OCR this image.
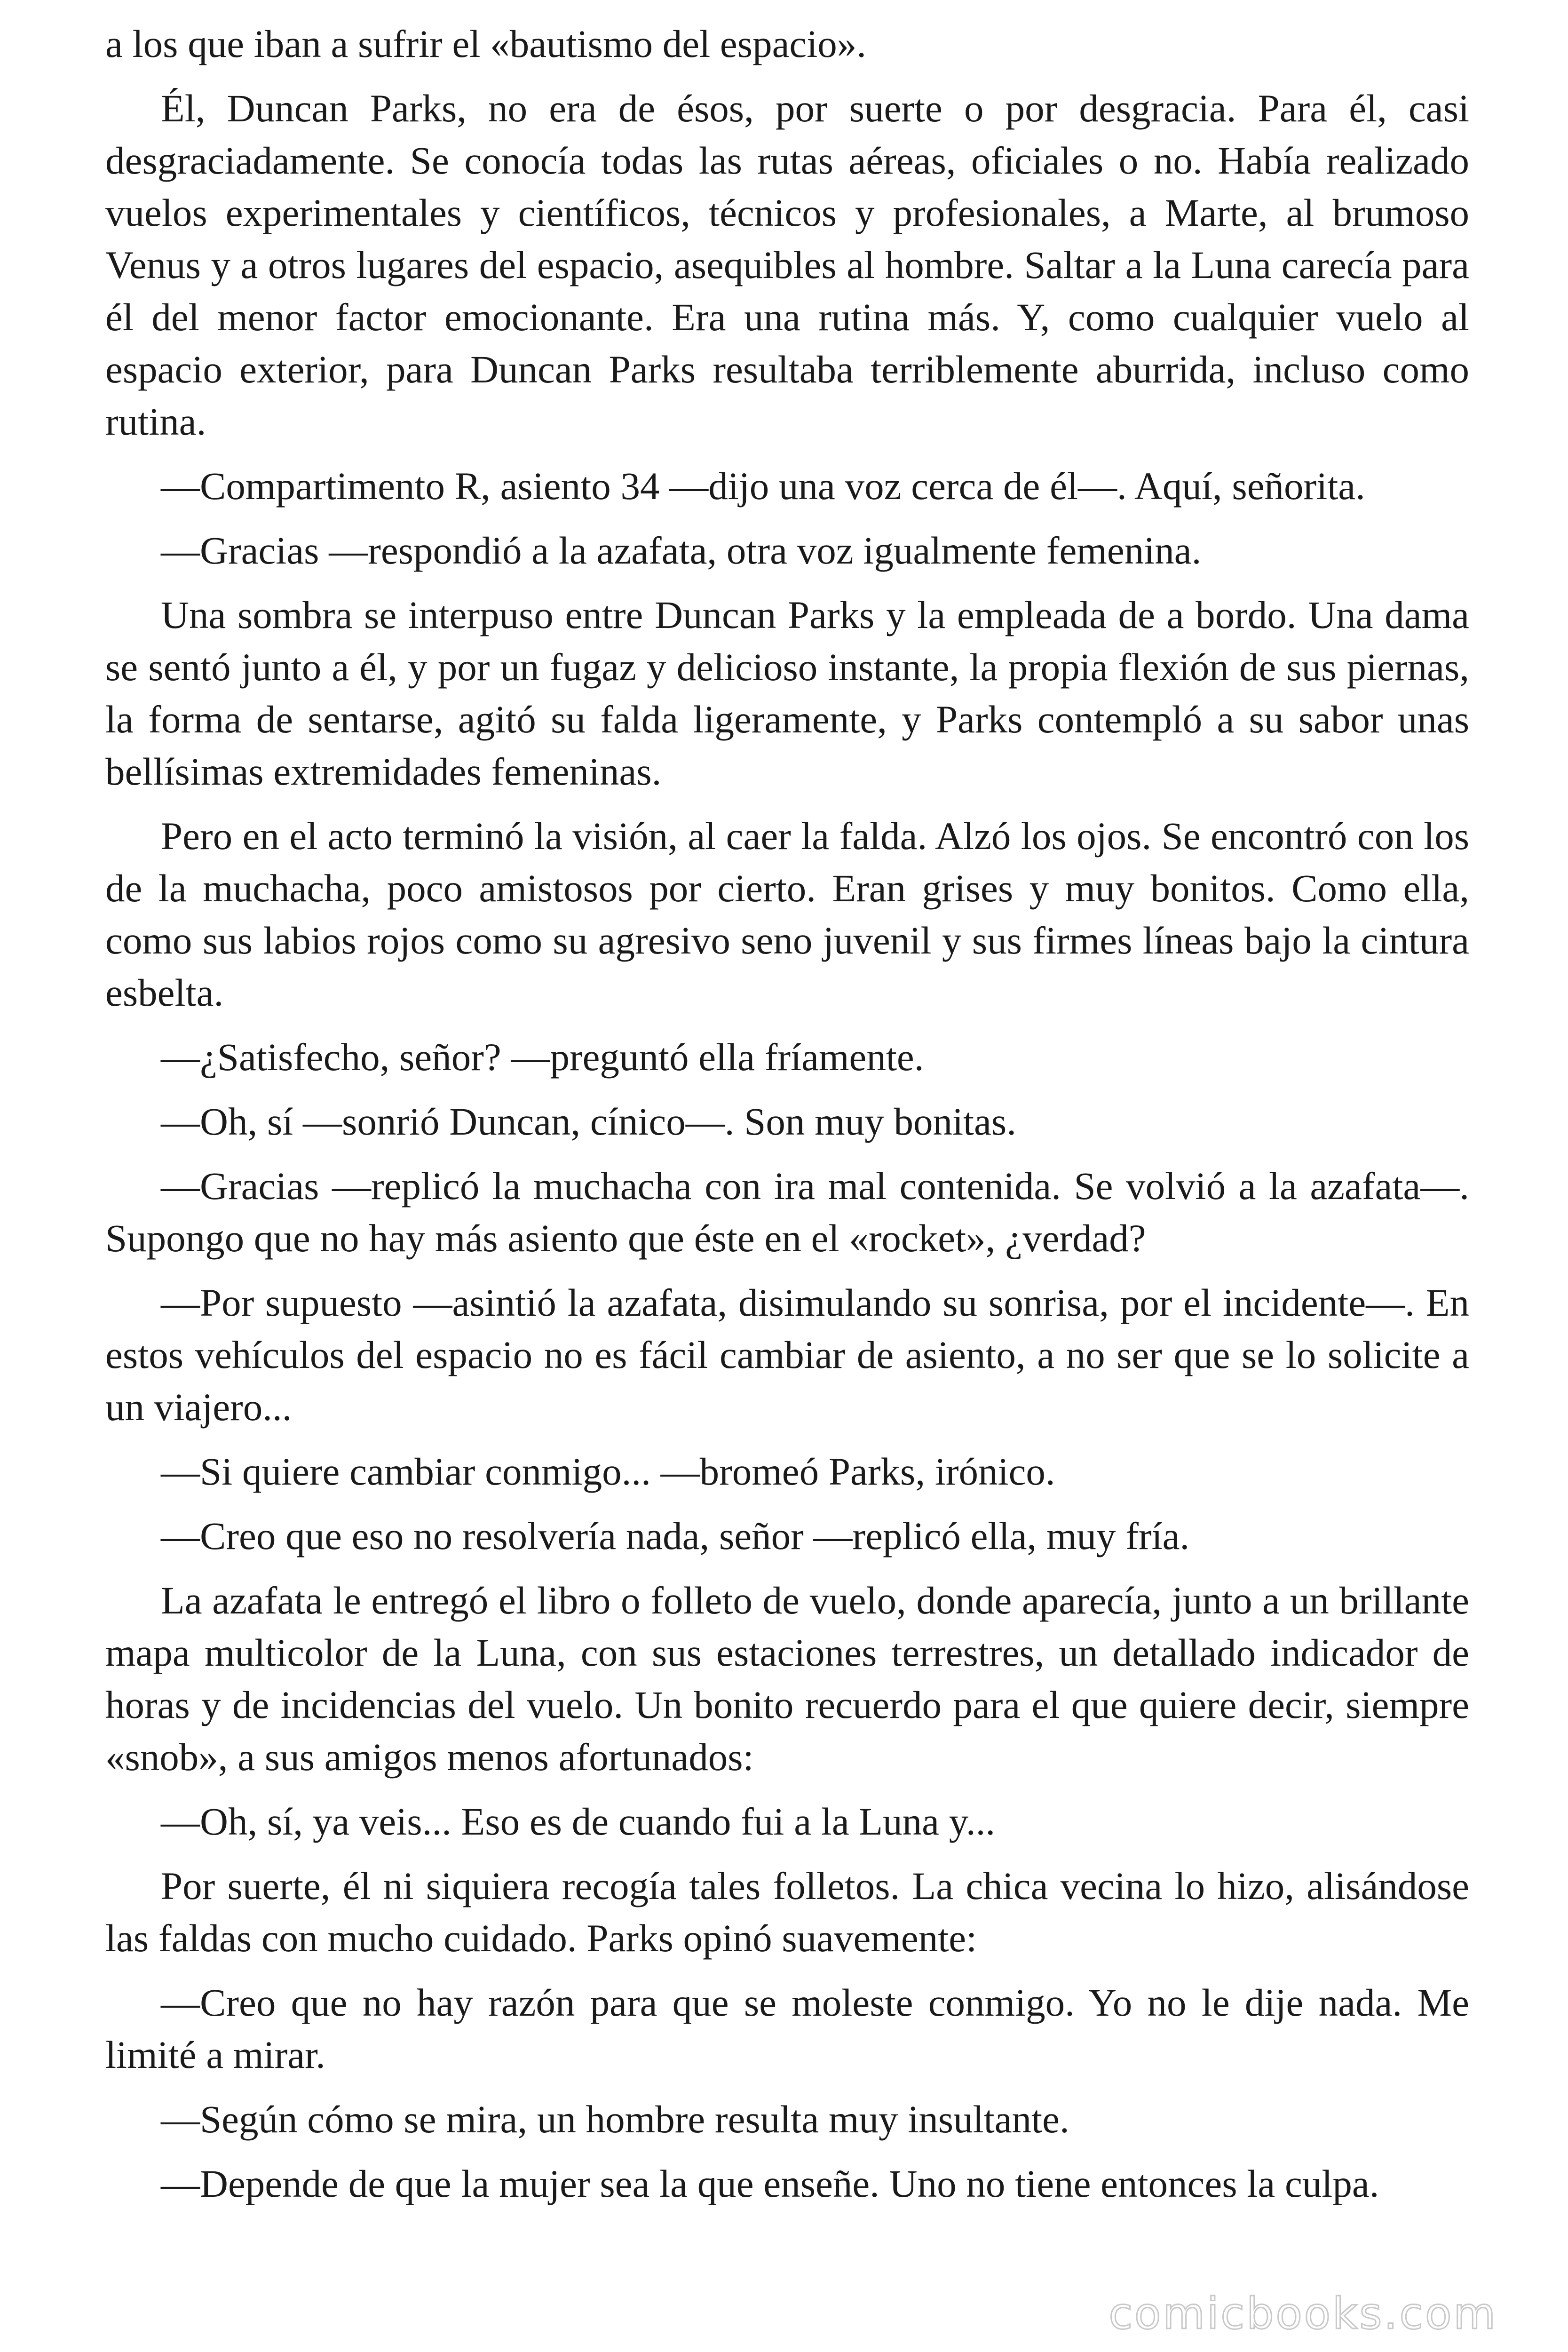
a los que iban a sufrir el «bautismo del espacio».

Él, Duncan Parks, no era de ésos, por suerte o por desgracia. Para él, casi desgraciadamente. Se conocía todas las rutas aéreas, oficiales o no. Había realizado vuelos experimentales y científicos, técnicos y profesionales, a Marte, al brumoso Venus y a otros lugares del espacio, asequibles al hombre. Saltar a la Luna carecía para él del menor factor emocionante. Era una rutina más. Y, como cualquier vuelo al espacio exterior, para Duncan Parks resultaba terriblemente aburrida, incluso como rutina.

—Compartimento R, asiento 34 —dijo una voz cerca de él—. Aquí, señorita.

—Gracias —respondió a la azafata, otra voz igualmente femenina.

Una sombra se interpuso entre Duncan Parks y la empleada de a bordo. Una dama se sentó junto a él, y por un fugaz y delicioso instante, la propia flexión de sus piernas, la forma de sentarse, agitó su falda ligeramente, y Parks contempló a su sabor unas bellísimas extremidades femeninas.

Pero en el acto terminó la visión, al caer la falda. Alzó los ojos. Se encontró con los de la muchacha, poco amistosos por cierto. Eran grises y muy bonitos. Como ella, como sus labios rojos como su agresivo seno juvenil y sus firmes líneas bajo la cintura esbelta.

—¿Satisfecho, señor? —preguntó ella fríamente.

—Oh, sí —sonrió Duncan, cínico—. Son muy bonitas.

—Gracias —replicó la muchacha con ira mal contenida. Se volvió a la azafata—. Supongo que no hay más asiento que éste en el «rocket», ¿verdad?

—Por supuesto —asintió la azafata, disimulando su sonrisa, por el incidente—. En estos vehículos del espacio no es fácil cambiar de asiento, a no ser que se lo solicite a un viajero...

—Si quiere cambiar conmigo... —bromeó Parks, irónico.

—Creo que eso no resolvería nada, señor —replicó ella, muy fría.

La azafata le entregó el libro o folleto de vuelo, donde aparecía, junto a un brillante mapa multicolor de la Luna, con sus estaciones terrestres, un detallado indicador de horas y de incidencias del vuelo. Un bonito recuerdo para el que quiere decir, siempre «snob», a sus amigos menos afortunados:

—Oh, sí, ya veis... Eso es de cuando fui a la Luna y...

Por suerte, él ni siquiera recogía tales folletos. La chica vecina lo hizo, alisándose las faldas con mucho cuidado. Parks opinó suavemente:

—Creo que no hay razón para que se moleste conmigo. Yo no le dije nada. Me limité a mirar.

—Según cómo se mira, un hombre resulta muy insultante.

—Depende de que la mujer sea la que enseñe. Uno no tiene entonces la culpa.

comicbooks.com
